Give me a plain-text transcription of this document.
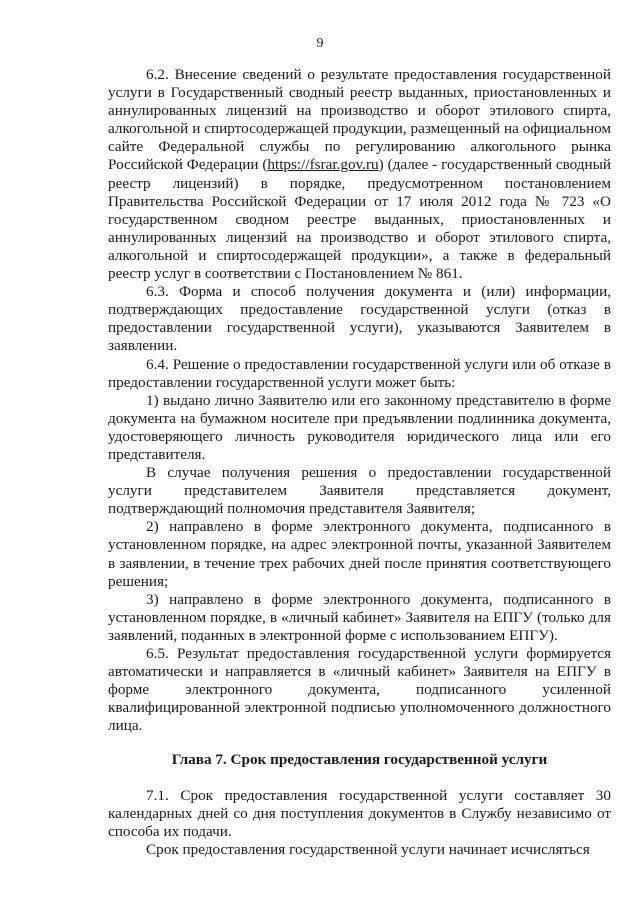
9

6.2. Внесение сведений о результате предоставления государственной услуги в Государственный сводный реестр выданных, приостановленных и аннулированных лицензий на производство и оборот этилового спирта, алкогольной и спиртосодержащей продукции, размещенный на официальном сайте Федеральной службы по регулированию алкогольного рынка Российской Федерации (https://fsrar.gov.ru) (далее - государственный сводный реестр лицензий) в порядке, предусмотренном постановлением Правительства Российской Федерации от 17 июля 2012 года № 723 «О государственном сводном реестре выданных, приостановленных и аннулированных лицензий на производство и оборот этилового спирта, алкогольной и спиртосодержащей продукции», а также в федеральный реестр услуг в соответствии с Постановлением № 861.

6.3. Форма и способ получения документа и (или) информации, подтверждающих предоставление государственной услуги (отказ в предоставлении государственной услуги), указываются Заявителем в заявлении.

6.4. Решение о предоставлении государственной услуги или об отказе в предоставлении государственной услуги может быть:

1) выдано лично Заявителю или его законному представителю в форме документа на бумажном носителе при предъявлении подлинника документа, удостоверяющего личность руководителя юридического лица или его представителя.

В случае получения решения о предоставлении государственной услуги представителем Заявителя представляется документ, подтверждающий полномочия представителя Заявителя;

2) направлено в форме электронного документа, подписанного в установленном порядке, на адрес электронной почты, указанной Заявителем в заявлении, в течение трех рабочих дней после принятия соответствующего решения;

3) направлено в форме электронного документа, подписанного в установленном порядке, в «личный кабинет» Заявителя на ЕПГУ (только для заявлений, поданных в электронной форме с использованием ЕПГУ).

6.5. Результат предоставления государственной услуги формируется автоматически и направляется в «личный кабинет» Заявителя на ЕПГУ в форме электронного документа, подписанного усиленной квалифицированной электронной подписью уполномоченного должностного лица.

Глава 7. Срок предоставления государственной услуги

7.1. Срок предоставления государственной услуги составляет 30 календарных дней со дня поступления документов в Службу независимо от способа их подачи.

Срок предоставления государственной услуги начинает исчисляться
